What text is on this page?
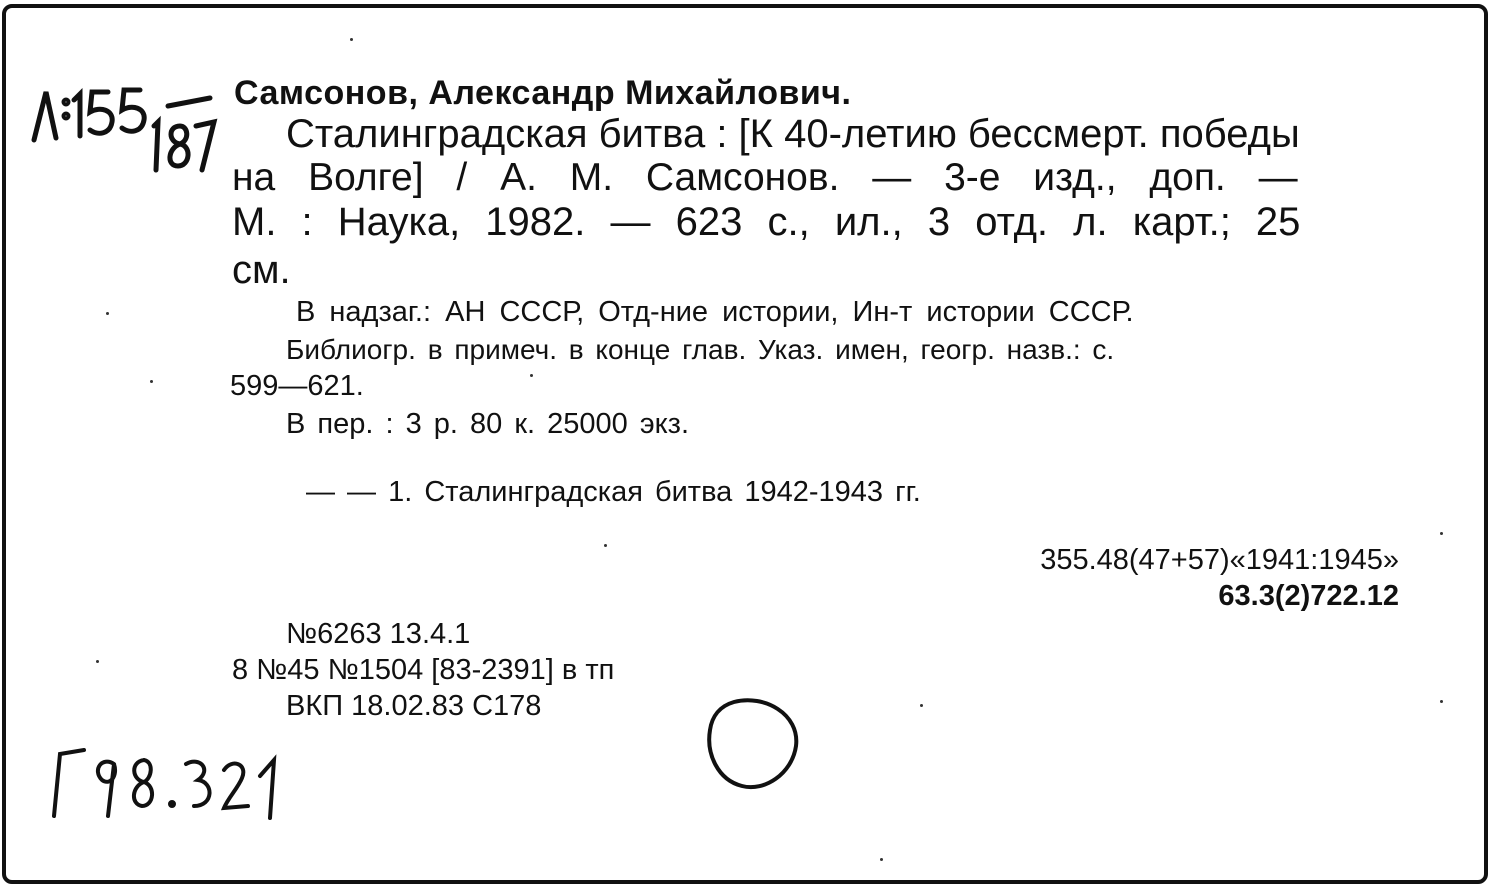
Самсонов, Александр Михайлович.
Сталинградская битва : [К 40-летию бессмерт. победы
на Волге] / А. М. Самсонов. — 3-е изд., доп. —
М. : Наука, 1982. — 623 с., ил., 3 отд. л. карт.; 25
см.
В надзаг.: АН СССР, Отд-ние истории, Ин-т истории СССР.
Библиогр. в примеч. в конце глав. Указ. имен, геогр. назв.: с.
599—621.
В пер. : 3 р. 80 к. 25000 экз.
— — 1. Сталинградская битва 1942-1943 гг.
355.48(47+57)«1941:1945»
63.3(2)722.12
№6263 13.4.1
8 №45 №1504 [83-2391] в тп
ВКП 18.02.83 С178
